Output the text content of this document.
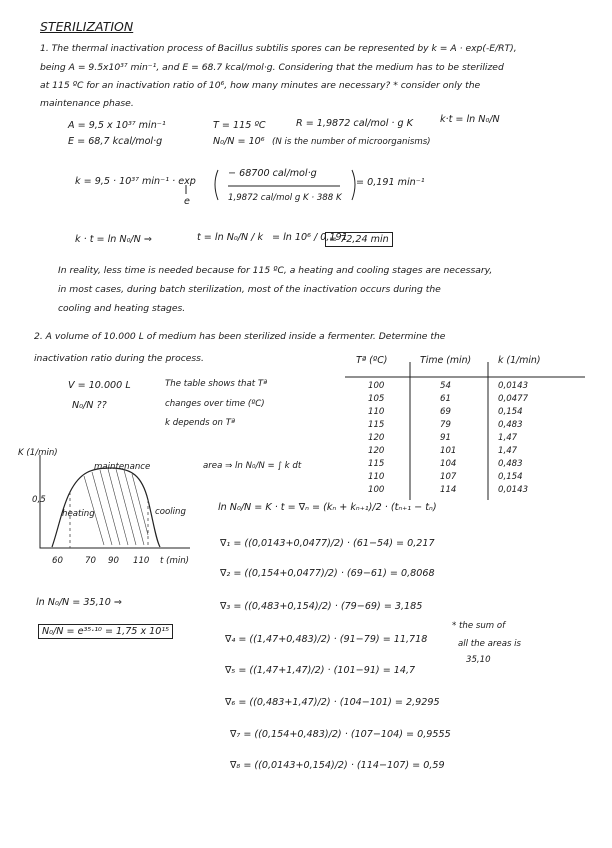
STERILIZATION
1. The thermal inactivation process of Bacillus subtilis spores can be represented by k = A · exp(-E/RT),
being A = 9.5x10³⁷ min⁻¹, and E = 68.7 kcal/mol·g. Considering that the medium has to be sterilized
at 115 ºC for an inactivation ratio of 10⁶, how many minutes are necessary? * consider only the
maintenance phase.
A = 9,5 x 10³⁷ min⁻¹
E = 68,7 kcal/mol·g
T = 115 ºC	R = 1,9872 cal/mol · g K	k·t = ln N₀/N
N₀/N = 10⁶ (N is the number of microorganisms)
k = 9,5 · 10³⁷ min⁻¹ · exp
− 68700 cal/mol·g
1,9872 cal/mol g K · 388 K
= 0,191 min⁻¹
e
k · t = ln N₀/N ⇒	t = ln N₀/N / k = ln 10⁶ / 0,191
= 72,24 min
In reality, less time is needed because for 115 ºC, a heating and cooling stages are necessary,
in most cases, during batch sterilization, most of the inactivation occurs during the
cooling and heating stages.
2. A volume of 10.000 L of medium has been sterilized inside a fermenter. Determine the
inactivation ratio during the process.
V = 10.000 L
N₀/N ??
The table shows that Tª
changes over time (ºC)
k depends on Tª
Tª (ºC)	Time (min)	k (1/min)
100	54	0,0143
105	61	0,0477
110	69	0,154
115	79	0,483
120	91	1,47
120	101	1,47
115	104	0,483
110	107	0,154
100	114	0,0143
K (1/min)
maintenance
heating	cooling
0,5
60	70 90 110 t (min)
area ⇒ ln N₀/N = ∫ k dt
ln N₀/N = K · t = ∇ₙ = (kₙ + kₙ₊₁)/2 · (tₙ₊₁ − tₙ)
∇₁ = ((0,0143+0,0477)/2) · (61−54) = 0,217
∇₂ = ((0,154+0,0477)/2) · (69−61) = 0,8068
∇₃ = ((0,483+0,154)/2) · (79−69) = 3,185
∇₄ = ((1,47+0,483)/2) · (91−79) = 11,718
∇₅ = ((1,47+1,47)/2) · (101−91) = 14,7
∇₆ = ((0,483+1,47)/2) · (104−101) = 2,9295
∇₇ = ((0,154+0,483)/2) · (107−104) = 0,9555
∇₈ = ((0,0143+0,154)/2) · (114−107) = 0,59
* the sum of
all the areas is
35,10
ln N₀/N = 35,10 ⇒
N₀/N = e³⁵·¹⁰ = 1,75 x 10¹⁵
